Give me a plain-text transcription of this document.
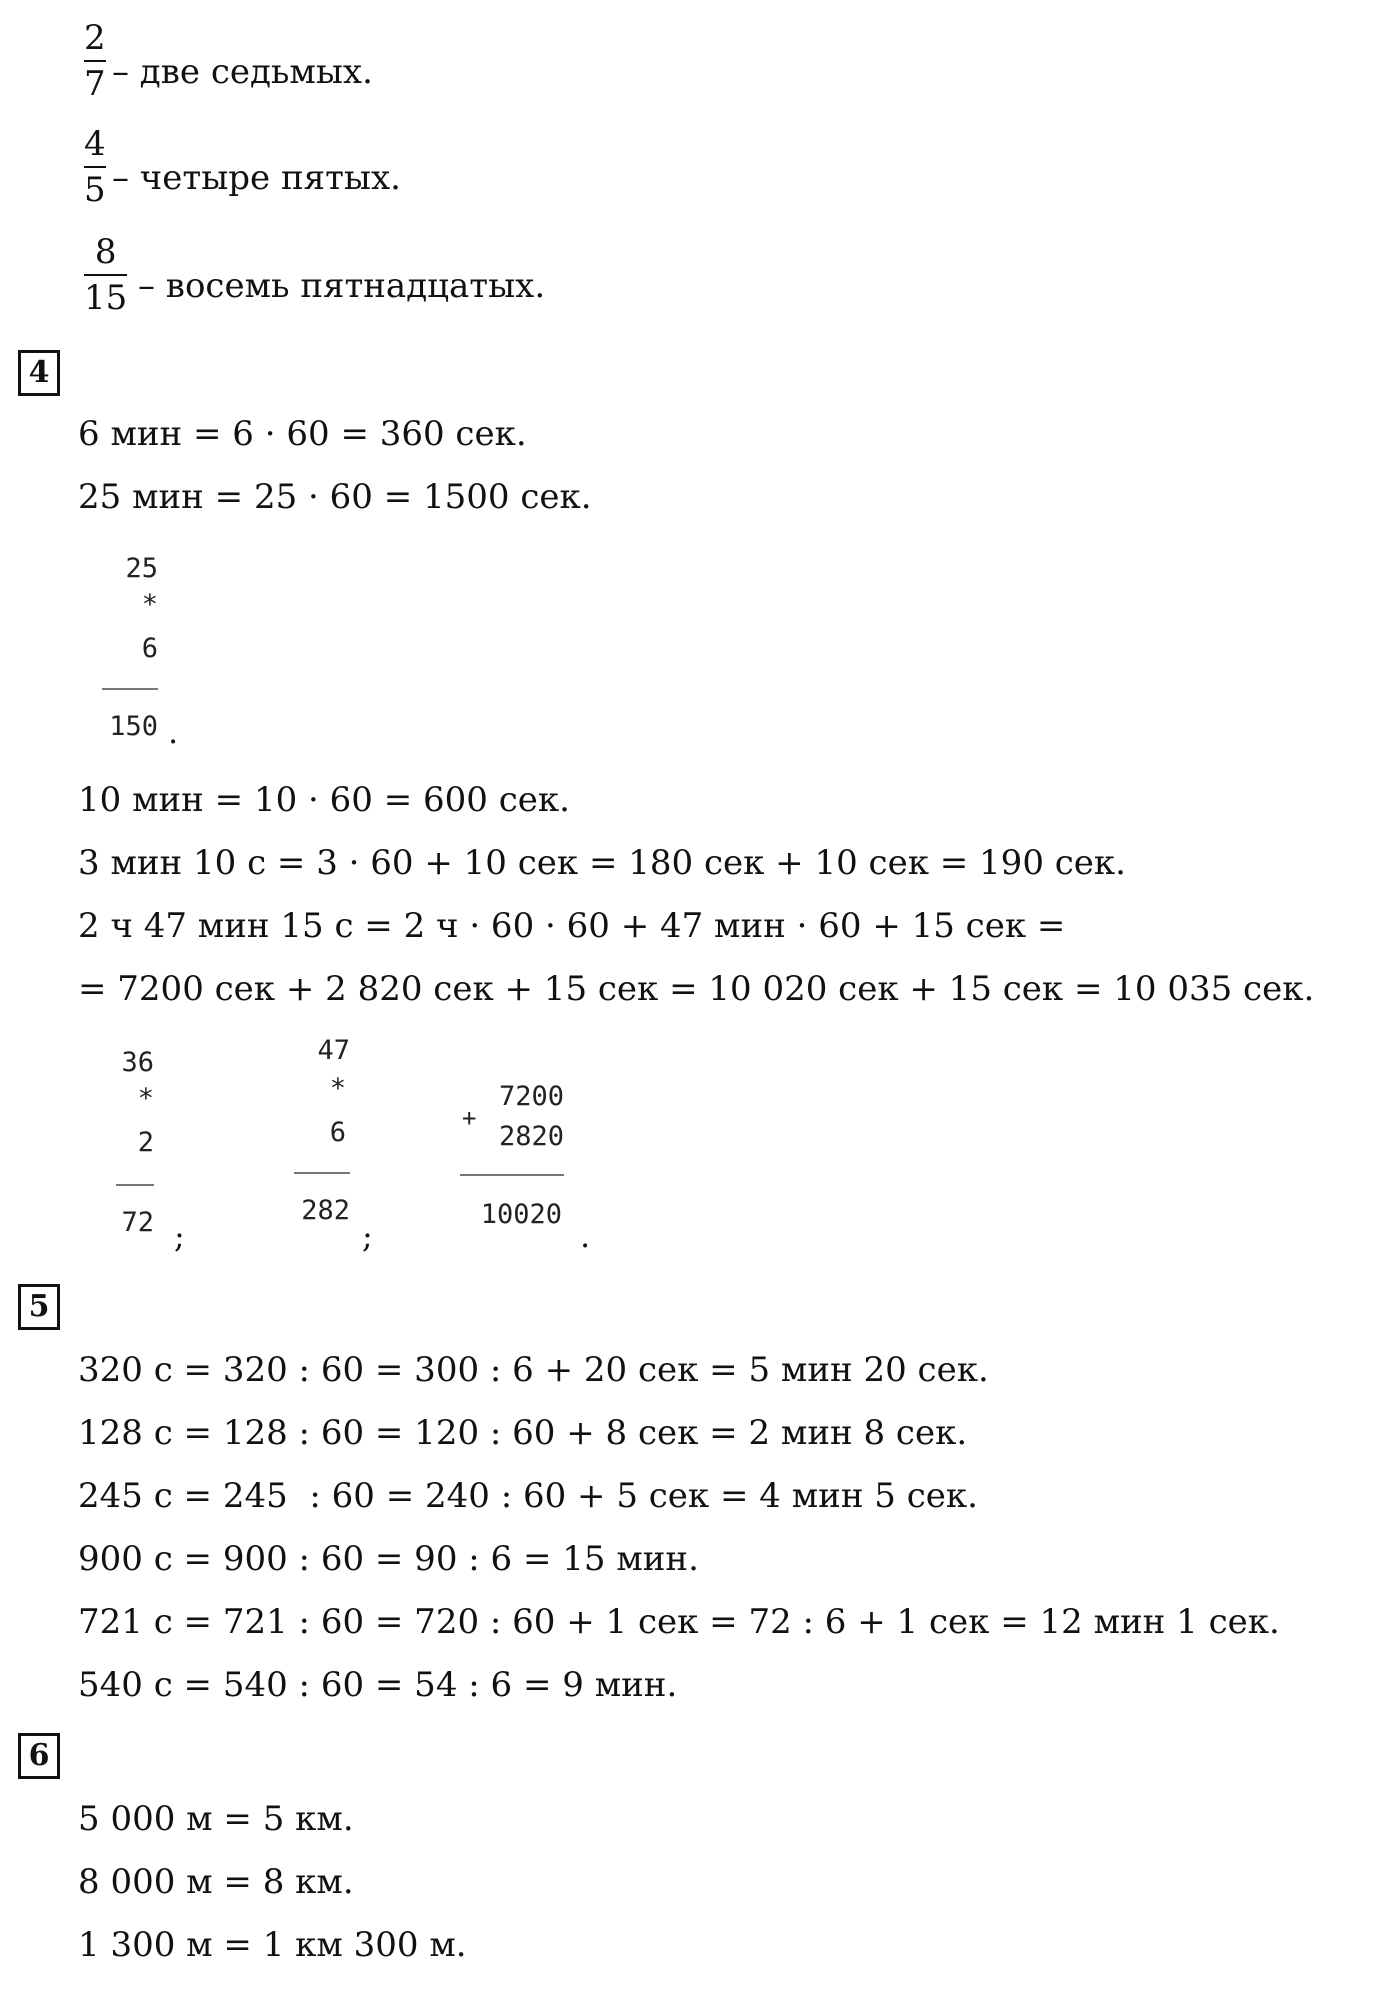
2
7 – две седьмых.
4
5 – четыре пятых.
8
15 – восемь пятнадцатых.
4
6 мин = 6 · 60 = 360 сек.
25 мин = 25 · 60 = 1500 сек.
25
*
6
150 .
10 мин = 10 · 60 = 600 сек.
3 мин 10 с = 3 · 60 + 10 сек = 180 сек + 10 сек = 190 сек.
2 ч 47 мин 15 с = 2 ч · 60 · 60 + 47 мин · 60 + 15 сек =
= 7200 сек + 2 820 сек + 15 сек = 10 020 сек + 15 сек = 10 035 сек.
36
*
2
72 ;
47
*
6
282
;
+
7200
2820
10020
.
5
320 с = 320 : 60 = 300 : 6 + 20 сек = 5 мин 20 сек.
128 с = 128 : 60 = 120 : 60 + 8 сек = 2 мин 8 сек.
245 с = 245  : 60 = 240 : 60 + 5 сек = 4 мин 5 сек.
900 с = 900 : 60 = 90 : 6 = 15 мин.
721 с = 721 : 60 = 720 : 60 + 1 сек = 72 : 6 + 1 сек = 12 мин 1 сек.
540 с = 540 : 60 = 54 : 6 = 9 мин.
6
5 000 м = 5 км.
8 000 м = 8 км.
1 300 м = 1 км 300 м.
